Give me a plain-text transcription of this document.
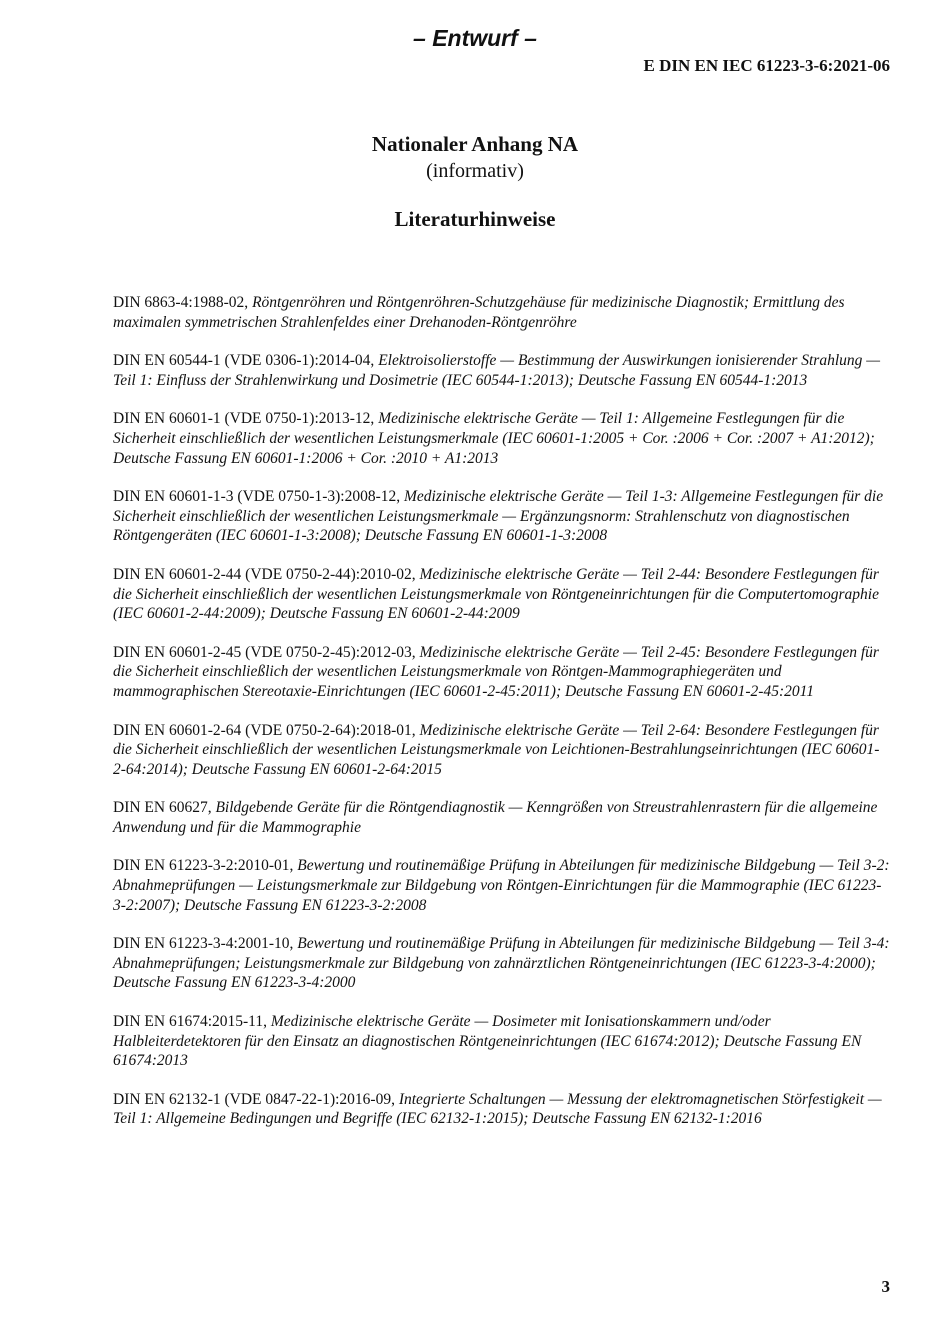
– Entwurf –
E DIN EN IEC 61223-3-6:2021-06
Nationaler Anhang NA
(informativ)
Literaturhinweise
DIN 6863-4:1988-02, Röntgenröhren und Röntgenröhren-Schutzgehäuse für medizinische Diagnostik; Ermittlung des maximalen symmetrischen Strahlenfeldes einer Drehanoden-Röntgenröhre
DIN EN 60544-1 (VDE 0306-1):2014-04, Elektroisolierstoffe — Bestimmung der Auswirkungen ionisierender Strahlung — Teil 1: Einfluss der Strahlenwirkung und Dosimetrie (IEC 60544-1:2013); Deutsche Fassung EN 60544-1:2013
DIN EN 60601-1 (VDE 0750-1):2013-12, Medizinische elektrische Geräte — Teil 1: Allgemeine Festlegungen für die Sicherheit einschließlich der wesentlichen Leistungsmerkmale (IEC 60601-1:2005 + Cor. :2006 + Cor. :2007 + A1:2012); Deutsche Fassung EN 60601-1:2006 + Cor. :2010 + A1:2013
DIN EN 60601-1-3 (VDE 0750-1-3):2008-12, Medizinische elektrische Geräte — Teil 1-3: Allgemeine Festlegungen für die Sicherheit einschließlich der wesentlichen Leistungsmerkmale — Ergänzungsnorm: Strahlenschutz von diagnostischen Röntgengeräten (IEC 60601-1-3:2008); Deutsche Fassung EN 60601-1-3:2008
DIN EN 60601-2-44 (VDE 0750-2-44):2010-02, Medizinische elektrische Geräte — Teil 2-44: Besondere Festlegungen für die Sicherheit einschließlich der wesentlichen Leistungsmerkmale von Röntgeneinrichtungen für die Computertomographie (IEC 60601-2-44:2009); Deutsche Fassung EN 60601-2-44:2009
DIN EN 60601-2-45 (VDE 0750-2-45):2012-03, Medizinische elektrische Geräte — Teil 2-45: Besondere Festlegungen für die Sicherheit einschließlich der wesentlichen Leistungsmerkmale von Röntgen-Mammographiegeräten und mammographischen Stereotaxie-Einrichtungen (IEC 60601-2-45:2011); Deutsche Fassung EN 60601-2-45:2011
DIN EN 60601-2-64 (VDE 0750-2-64):2018-01, Medizinische elektrische Geräte — Teil 2-64: Besondere Festlegungen für die Sicherheit einschließlich der wesentlichen Leistungsmerkmale von Leichtionen-Bestrahlungseinrichtungen (IEC 60601-2-64:2014); Deutsche Fassung EN 60601-2-64:2015
DIN EN 60627, Bildgebende Geräte für die Röntgendiagnostik — Kenngrößen von Streustrahlenrastern für die allgemeine Anwendung und für die Mammographie
DIN EN 61223-3-2:2010-01, Bewertung und routinemäßige Prüfung in Abteilungen für medizinische Bildgebung — Teil 3-2: Abnahmeprüfungen — Leistungsmerkmale zur Bildgebung von Röntgen-Einrichtungen für die Mammographie (IEC 61223-3-2:2007); Deutsche Fassung EN 61223-3-2:2008
DIN EN 61223-3-4:2001-10, Bewertung und routinemäßige Prüfung in Abteilungen für medizinische Bildgebung — Teil 3-4: Abnahmeprüfungen; Leistungsmerkmale zur Bildgebung von zahnärztlichen Röntgeneinrichtungen (IEC 61223-3-4:2000); Deutsche Fassung EN 61223-3-4:2000
DIN EN 61674:2015-11, Medizinische elektrische Geräte — Dosimeter mit Ionisationskammern und/oder Halbleiterdetektoren für den Einsatz an diagnostischen Röntgeneinrichtungen (IEC 61674:2012); Deutsche Fassung EN 61674:2013
DIN EN 62132-1 (VDE 0847-22-1):2016-09, Integrierte Schaltungen — Messung der elektromagnetischen Störfestigkeit — Teil 1: Allgemeine Bedingungen und Begriffe (IEC 62132-1:2015); Deutsche Fassung EN 62132-1:2016
3
